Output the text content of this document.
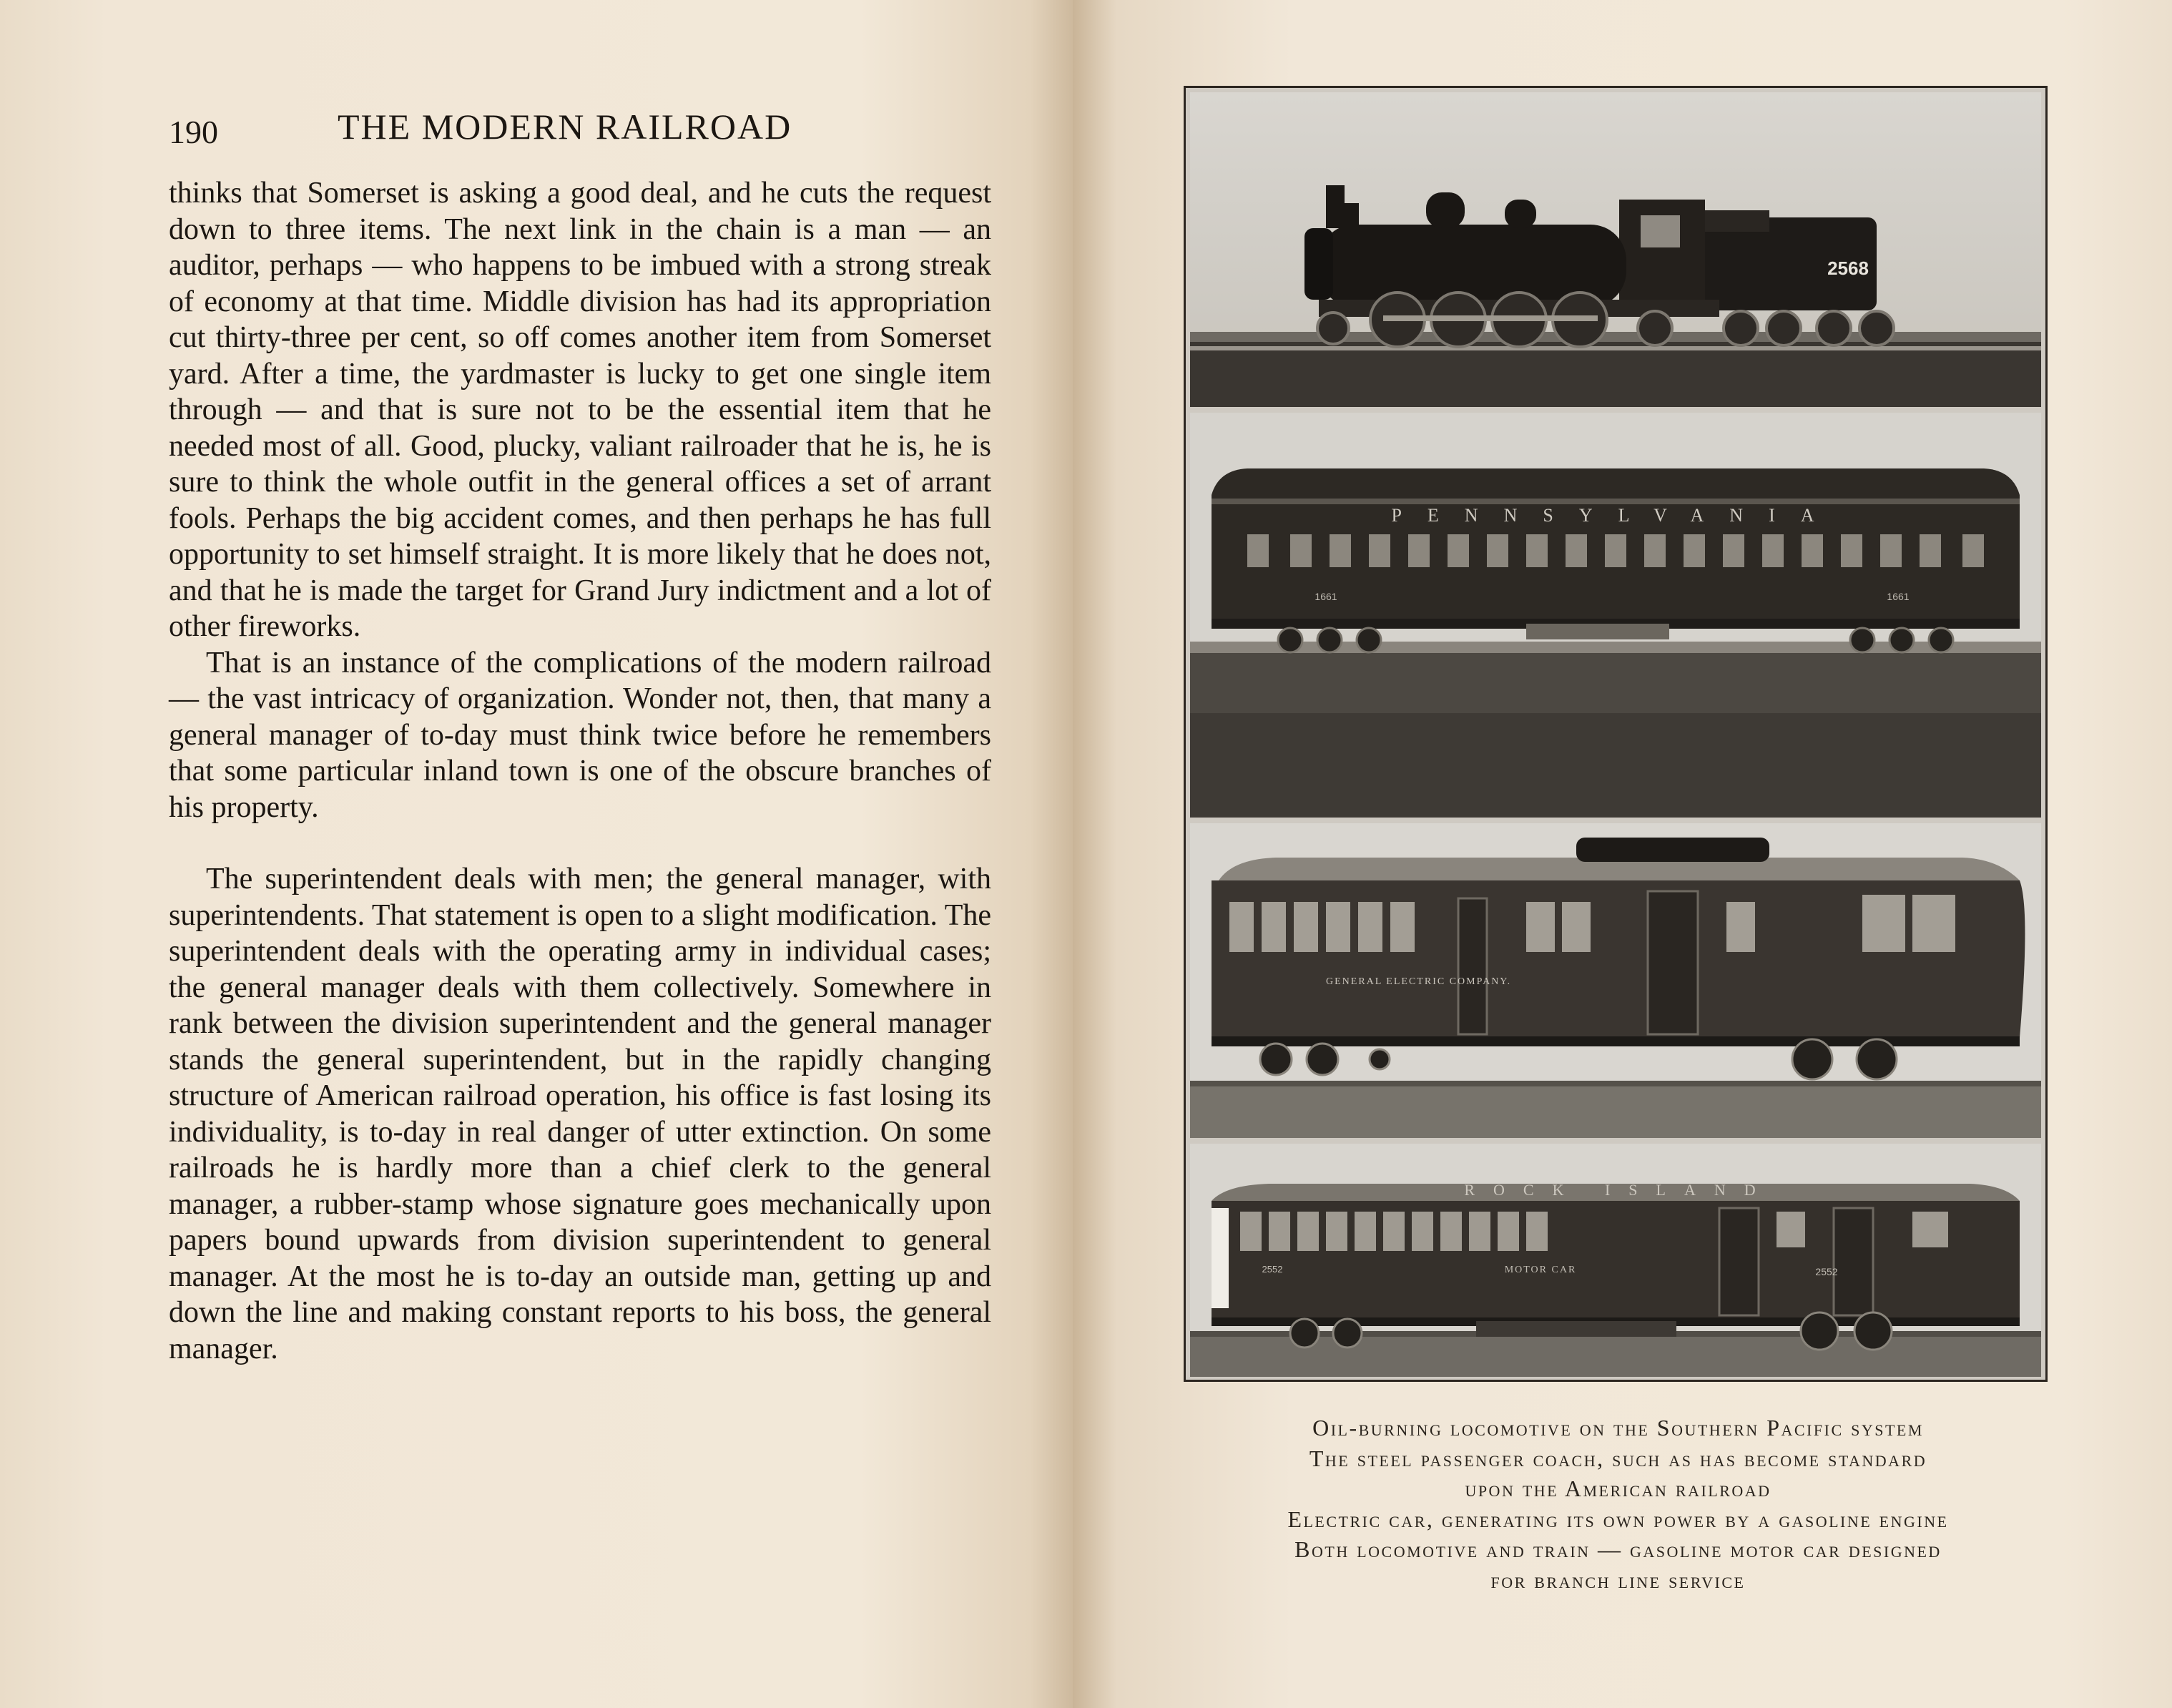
190	THE MODERN RAILROAD

thinks that Somerset is asking a good deal, and he cuts the request down to three items. The next link in the chain is a man — an auditor, perhaps — who happens to be imbued with a strong streak of economy at that time. Middle division has had its appropriation cut thirty-three per cent, so off comes another item from Somerset yard. After a time, the yardmaster is lucky to get one single item through — and that is sure not to be the essential item that he needed most of all. Good, plucky, valiant railroader that he is, he is sure to think the whole outfit in the general offices a set of arrant fools. Perhaps the big accident comes, and then perhaps he has full opportunity to set himself straight. It is more likely that he does not, and that he is made the target for Grand Jury indictment and a lot of other fireworks.

That is an instance of the complications of the modern railroad — the vast intricacy of organization. Wonder not, then, that many a general manager of to-day must think twice before he remembers that some particular inland town is one of the obscure branches of his property.

The superintendent deals with men; the general manager, with superintendents. That statement is open to a slight modification. The superintendent deals with the operating army in individual cases; the general manager deals with them collectively. Somewhere in rank between the division superintendent and the general manager stands the general superintendent, but in the rapidly changing structure of American railroad operation, his office is fast losing its individuality, is to-day in real danger of utter extinction. On some railroads he is hardly more than a chief clerk to the general manager, a rubber-stamp whose signature goes mechanically upon papers bound upwards from division superintendent to general manager. At the most he is to-day an outside man, getting up and down the line and making constant reports to his boss, the general manager.

2568
PENNSYLVANIA
1661	1661
GENERAL ELECTRIC COMPANY.
ROCK ISLAND
2552	MOTOR CAR	2552
Oil-burning locomotive on the Southern Pacific system
The steel passenger coach, such as has become standard
upon the American railroad
Electric car, generating its own power by a gasoline engine
Both locomotive and train — gasoline motor car designed
for branch line service
